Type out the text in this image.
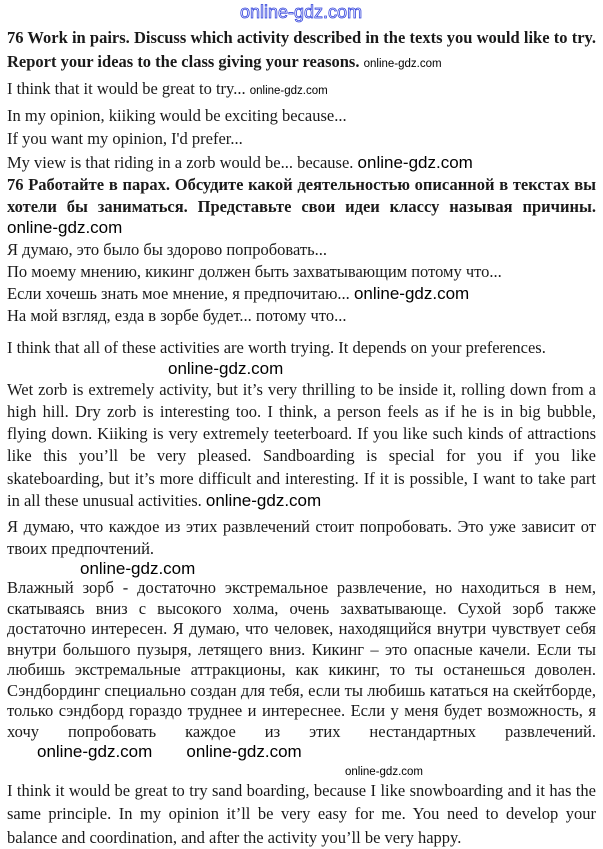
online-gdz.com

76 Work in pairs. Discuss which activity described in the texts you would like to try. Report your ideas to the class giving your reasons. online-gdz.com

I think that it would be great to try... online-gdz.com
In my opinion, kiiking would be exciting because...
If you want my opinion, I'd prefer...
My view is that riding in a zorb would be... because. online-gdz.com

76 Работайте в парах. Обсудите какой деятельностью описанной в текстах вы хотели бы заниматься. Представьте свои идеи классу называя причины. online-gdz.com

Я думаю, это было бы здорово попробовать...
По моему мнению, кикинг должен быть захватывающим потому что...
Если хочешь знать мое мнение, я предпочитаю... online-gdz.com
На мой взгляд, езда в зорбе будет... потому что...

I think that all of these activities are worth trying. It depends on your preferences.

online-gdz.com

Wet zorb is extremely activity, but it’s very thrilling to be inside it, rolling down from a high hill. Dry zorb is interesting too. I think, a person feels as if he is in big bubble, flying down. Kiiking is very extremely teeterboard. If you like such kinds of attractions like this you’ll be very pleased. Sandboarding is special for you if you like skateboarding, but it’s more difficult and interesting. If it is possible, I want to take part in all these unusual activities. online-gdz.com

Я думаю, что каждое из этих развлечений стоит попробовать. Это уже зависит от твоих предпочтений.

online-gdz.com

Влажный зорб - достаточно экстремальное развлечение, но находиться в нем, скатываясь вниз с высокого холма, очень захватывающе. Сухой зорб также достаточно интересен. Я думаю, что человек, находящийся внутри чувствует себя внутри большого пузыря, летящего вниз. Кикинг – это опасные качели. Если ты любишь экстремальные аттракционы, как кикинг, то ты останешься доволен. Сэндбординг специально создан для тебя, если ты любишь кататься на скейтборде, только сэндборд гораздо труднее и интереснее. Если у меня будет возможность, я хочу попробовать каждое из этих нестандартных развлечений. online-gdz.com online-gdz.com

online-gdz.com

I think it would be great to try sand boarding, because I like snowboarding and it has the same principle. In my opinion it’ll be very easy for me. You need to develop your balance and coordination, and after the activity you’ll be very happy.
